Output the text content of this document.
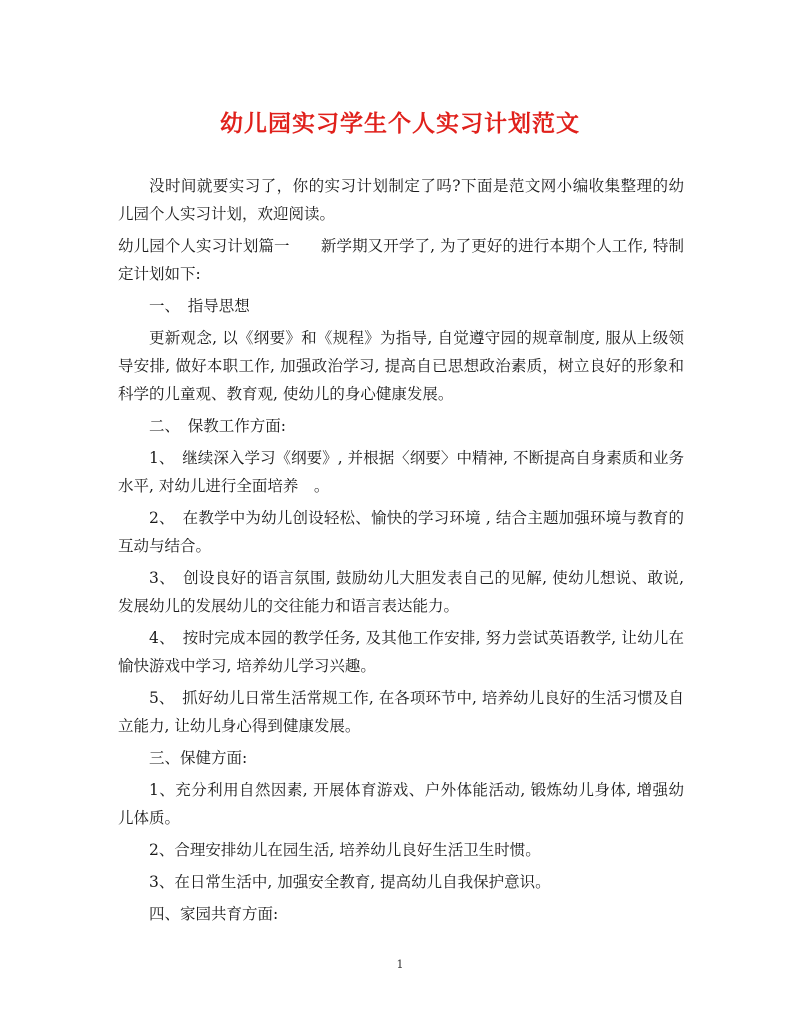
幼儿园实习学生个人实习计划范文

没时间就要实习了，你的实习计划制定了吗?下面是范文网小编收集整理的幼儿园个人实习计划，欢迎阅读。

幼儿园个人实习计划篇一　　新学期又开学了, 为了更好的进行本期个人工作, 特制定计划如下:

一、　指导思想

更新观念, 以《纲要》和《规程》为指导, 自觉遵守园的规章制度, 服从上级领导安排, 做好本职工作, 加强政治学习, 提高自已思想政治素质，树立良好的形象和科学的儿童观、教育观, 使幼儿的身心健康发展。

二、　保教工作方面:

1、　继续深入学习《纲要》, 并根据〈纲要〉中精神, 不断提高自身素质和业务水平, 对幼儿进行全面培养　。

2、　在教学中为幼儿创设轻松、愉快的学习环境 , 结合主题加强环境与教育的互动与结合。

3、　创设良好的语言氛围, 鼓励幼儿大胆发表自己的见解, 使幼儿想说、敢说, 发展幼儿的发展幼儿的交往能力和语言表达能力。

4、　按时完成本园的教学任务, 及其他工作安排, 努力尝试英语教学, 让幼儿在愉快游戏中学习, 培养幼儿学习兴趣。

5、　抓好幼儿日常生活常规工作, 在各项环节中, 培养幼儿良好的生活习惯及自立能力, 让幼儿身心得到健康发展。

三、保健方面:

1、充分利用自然因素, 开展体育游戏、户外体能活动, 锻炼幼儿身体, 增强幼儿体质。

2、合理安排幼儿在园生活, 培养幼儿良好生活卫生时惯。

3、在日常生活中, 加强安全教育, 提高幼儿自我保护意识。

四、家园共育方面:

1
